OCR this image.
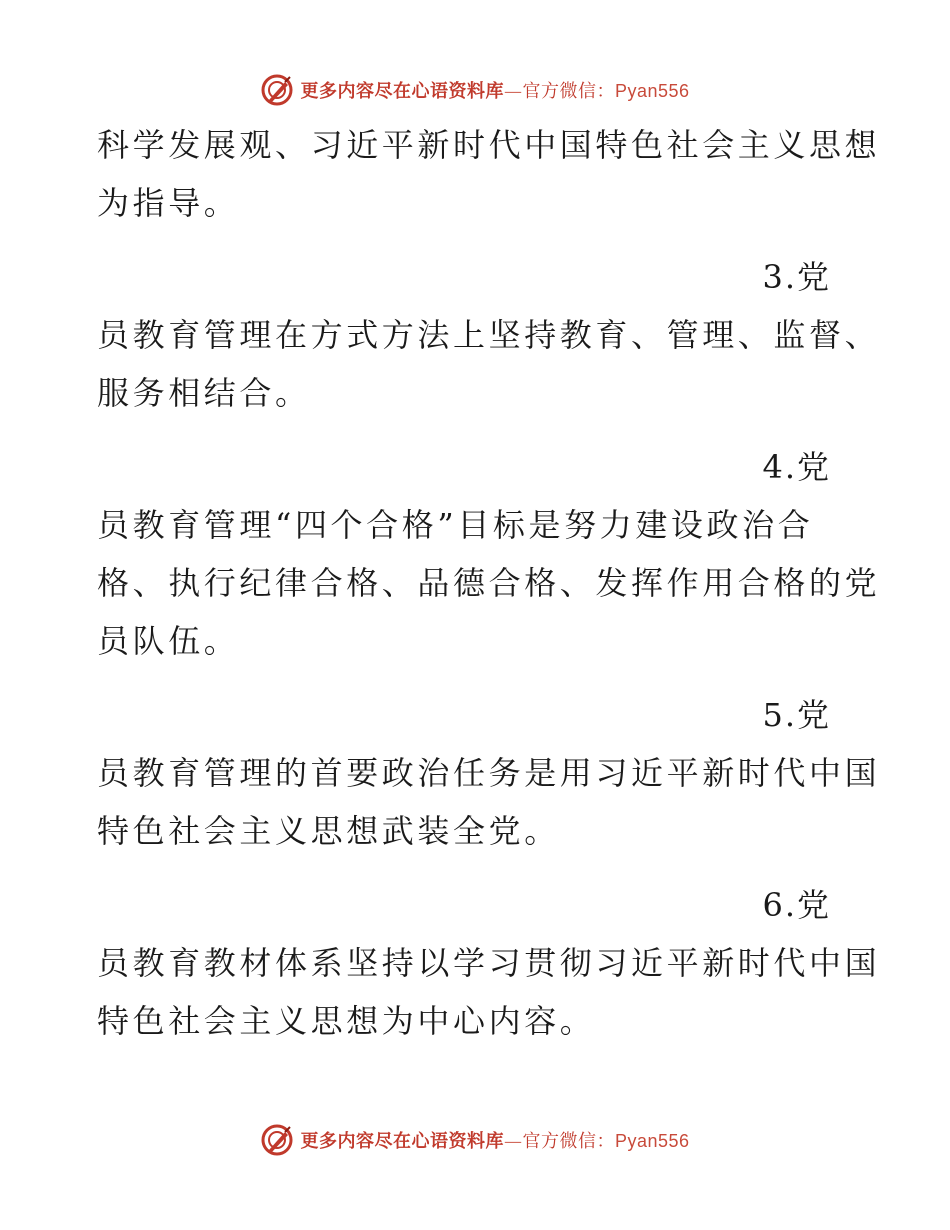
更多内容尽在心语资料库—官方微信：Pyan556
科学发展观、习近平新时代中国特色社会主义思想
为指导。
3.党
员教育管理在方式方法上坚持教育、管理、监督、
服务相结合。
4.党
员教育管理“四个合格”目标是努力建设政治合
格、执行纪律合格、品德合格、发挥作用合格的党
员队伍。
5.党
员教育管理的首要政治任务是用习近平新时代中国
特色社会主义思想武装全党。
6.党
员教育教材体系坚持以学习贯彻习近平新时代中国
特色社会主义思想为中心内容。
更多内容尽在心语资料库—官方微信：Pyan556
